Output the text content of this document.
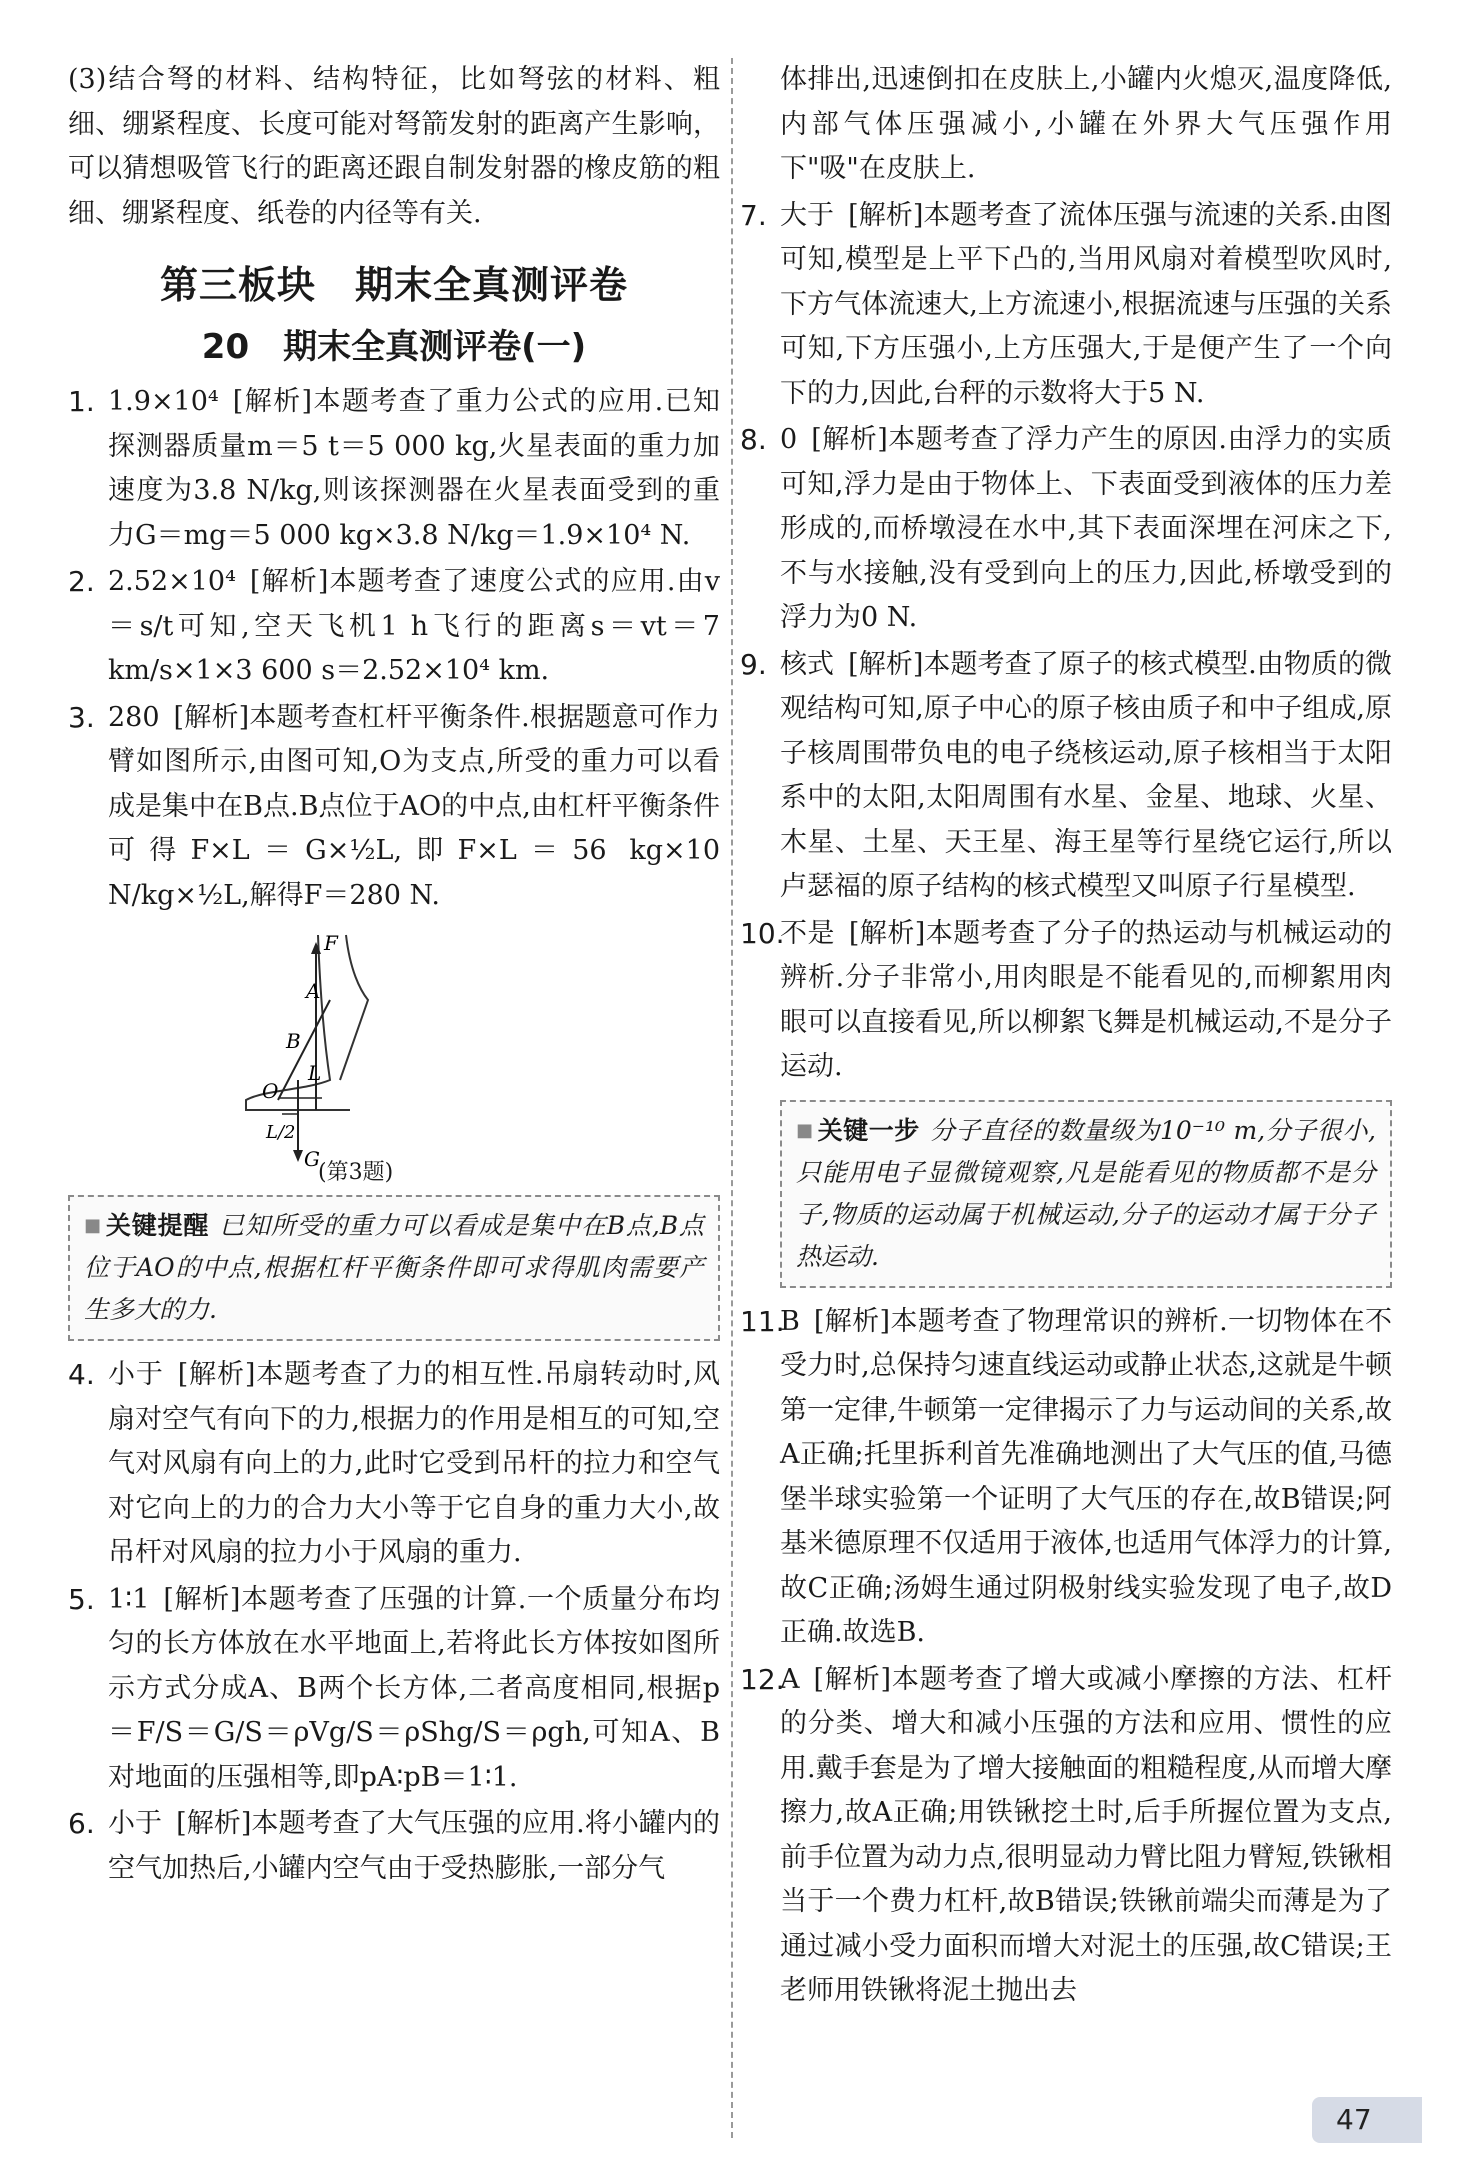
(3)结合弩的材料、结构特征，比如弩弦的材料、粗细、绷紧程度、长度可能对弩箭发射的距离产生影响，可以猜想吸管飞行的距离还跟自制发射器的橡皮筋的粗细、绷紧程度、纸卷的内径等有关.

第三板块　期末全真测评卷
20　期末全真测评卷(一)

1. 1.9×10⁴ [解析]本题考查了重力公式的应用.已知探测器质量m＝5 t＝5 000 kg,火星表面的重力加速度为3.8 N/kg,则该探测器在火星表面受到的重力G＝mg＝5 000 kg×3.8 N/kg＝1.9×10⁴ N.

2. 2.52×10⁴ [解析]本题考查了速度公式的应用.由v＝s/t可知,空天飞机1 h飞行的距离s＝vt＝7 km/s×1×3 600 s＝2.52×10⁴ km.

3. 280 [解析]本题考查杠杆平衡条件.根据题意可作力臂如图所示,由图可知,O为支点,所受的重力可以看成是集中在B点.B点位于AO的中点,由杠杆平衡条件可得F×L＝G×½L,即F×L＝56 kg×10 N/kg×½L,解得F＝280 N.

F
A
B
O
L
L/2
G
(第3题)

■ 关键提醒 已知所受的重力可以看成是集中在B点,B点位于AO的中点,根据杠杆平衡条件即可求得肌肉需要产生多大的力.

4. 小于 [解析]本题考查了力的相互性.吊扇转动时,风扇对空气有向下的力,根据力的作用是相互的可知,空气对风扇有向上的力,此时它受到吊杆的拉力和空气对它向上的力的合力大小等于它自身的重力大小,故吊杆对风扇的拉力小于风扇的重力.

5. 1∶1 [解析]本题考查了压强的计算.一个质量分布均匀的长方体放在水平地面上,若将此长方体按如图所示方式分成A、B两个长方体,二者高度相同,根据p＝F/S＝G/S＝ρVg/S＝ρShg/S＝ρgh,可知A、B对地面的压强相等,即pA∶pB＝1∶1.

6. 小于 [解析]本题考查了大气压强的应用.将小罐内的空气加热后,小罐内空气由于受热膨胀,一部分气

体排出,迅速倒扣在皮肤上,小罐内火熄灭,温度降低,内部气体压强减小,小罐在外界大气压强作用下"吸"在皮肤上.

7. 大于 [解析]本题考查了流体压强与流速的关系.由图可知,模型是上平下凸的,当用风扇对着模型吹风时,下方气体流速大,上方流速小,根据流速与压强的关系可知,下方压强小,上方压强大,于是便产生了一个向下的力,因此,台秤的示数将大于5 N.

8. 0 [解析]本题考查了浮力产生的原因.由浮力的实质可知,浮力是由于物体上、下表面受到液体的压力差形成的,而桥墩浸在水中,其下表面深埋在河床之下,不与水接触,没有受到向上的压力,因此,桥墩受到的浮力为0 N.

9. 核式 [解析]本题考查了原子的核式模型.由物质的微观结构可知,原子中心的原子核由质子和中子组成,原子核周围带负电的电子绕核运动,原子核相当于太阳系中的太阳,太阳周围有水星、金星、地球、火星、木星、土星、天王星、海王星等行星绕它运行,所以卢瑟福的原子结构的核式模型又叫原子行星模型.

10.
不是 [解析]本题考查了分子的热运动与机械运动的辨析.分子非常小,用肉眼是不能看见的,而柳絮用肉眼可以直接看见,所以柳絮飞舞是机械运动,不是分子运动.

■ 关键一步 分子直径的数量级为10⁻¹⁰ m,分子很小,只能用电子显微镜观察,凡是能看见的物质都不是分子,物质的运动属于机械运动,分子的运动才属于分子热运动.

11.
B [解析]本题考查了物理常识的辨析.一切物体在不受力时,总保持匀速直线运动或静止状态,这就是牛顿第一定律,牛顿第一定律揭示了力与运动间的关系,故A正确;托里拆利首先准确地测出了大气压的值,马德堡半球实验第一个证明了大气压的存在,故B错误;阿基米德原理不仅适用于液体,也适用气体浮力的计算,故C正确;汤姆生通过阴极射线实验发现了电子,故D正确.故选B.

12.
A [解析]本题考查了增大或减小摩擦的方法、杠杆的分类、增大和减小压强的方法和应用、惯性的应用.戴手套是为了增大接触面的粗糙程度,从而增大摩擦力,故A正确;用铁锹挖土时,后手所握位置为支点,前手位置为动力点,很明显动力臂比阻力臂短,铁锹相当于一个费力杠杆,故B错误;铁锹前端尖而薄是为了通过减小受力面积而增大对泥土的压强,故C错误;王老师用铁锹将泥土抛出去

47
